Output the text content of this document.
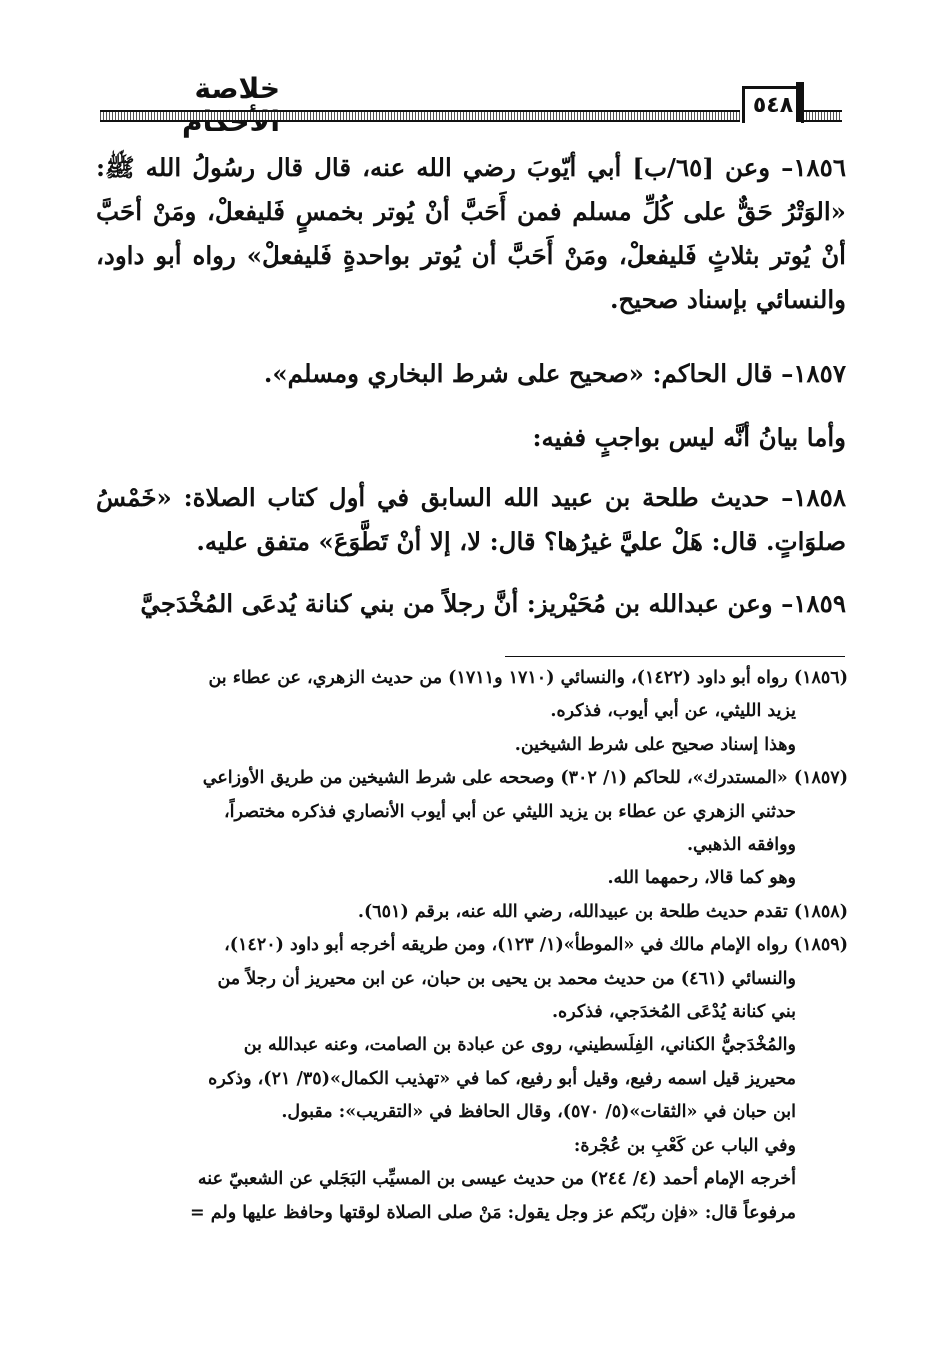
خلاصة
٥٤٨

١٨٥٦– وعن [٦٥/ب] أبي أيّوبَ رضي الله عنه، قال قال رسُولُ الله ﷺ: «الوَتْرُ حَقٌّ على كُلِّ مسلم فمن أَحَبَّ أنْ يُوتر بخمسٍ فَليفعلْ، ومَنْ أحَبَّ أنْ يُوتر بثلاثٍ فَليفعلْ، ومَنْ أَحَبَّ أن يُوتر بواحدةٍ فَليفعلْ» رواه أبو داود، والنسائي بإسناد صحيح.

١٨٥٧– قال الحاكم: «صحيح على شرط البخاري ومسلم».

وأما بيانُ أنَّه ليس بواجبٍ ففيه:

١٨٥٨– حديث طلحة بن عبيد الله السابق في أول كتاب الصلاة: «خَمْسُ صلوَاتٍ. قال: هَلْ عليَّ غيرُها؟ قال: لا، إلا أنْ تَطَّوَعَ» متفق عليه.

١٨٥٩– وعن عبدالله بن مُحَيْريز: أنَّ رجلاً من بني كنانة يُدعَى المُخْدَجيَّ

(١٨٥٦) رواه أبو داود (١٤٢٢)، والنسائي (١٧١٠ و١٧١١) من حديث الزهري، عن عطاء بن

يزيد الليثي، عن أبي أيوب، فذكره.

وهذا إسناد صحيح على شرط الشيخين.

(١٨٥٧) «المستدرك»، للحاكم (١/ ٣٠٢) وصححه على شرط الشيخين من طريق الأوزاعي

حدثني الزهري عن عطاء بن يزيد الليثي عن أبي أيوب الأنصاري فذكره مختصراً،

ووافقه الذهبي.

وهو كما قالا، رحمهما الله.

(١٨٥٨) تقدم حديث طلحة بن عبيدالله، رضي الله عنه، برقم (٦٥١).

(١٨٥٩) رواه الإمام مالك في «الموطأ»(١/ ١٢٣)، ومن طريقه أخرجه أبو داود (١٤٢٠)،

والنسائي (٤٦١) من حديث محمد بن يحيى بن حبان، عن ابن محيريز أن رجلاً من

بني كنانة يُدْعَى المُخدَجي، فذكره.

والمُخْدَجيُّ الكناني، الفِلَسطيني، روى عن عبادة بن الصامت، وعنه عبدالله بن

محيريز قيل اسمه رفيع، وقيل أبو رفيع، كما في «تهذيب الكمال»(٣٥/ ٢١)، وذكره

ابن حبان في «الثقات»(٥/ ٥٧٠)، وقال الحافظ في «التقريب»: مقبول.

وفي الباب عن كَعْبِ بن عُجْرة:

أخرجه الإمام أحمد (٤/ ٢٤٤) من حديث عيسى بن المسيِّب البَجَلي عن الشعبيّ عنه

مرفوعاً قال: «فإن ربّكم عز وجل يقول: مَنْ صلى الصلاة لوقتها وحافظ عليها ولم =
